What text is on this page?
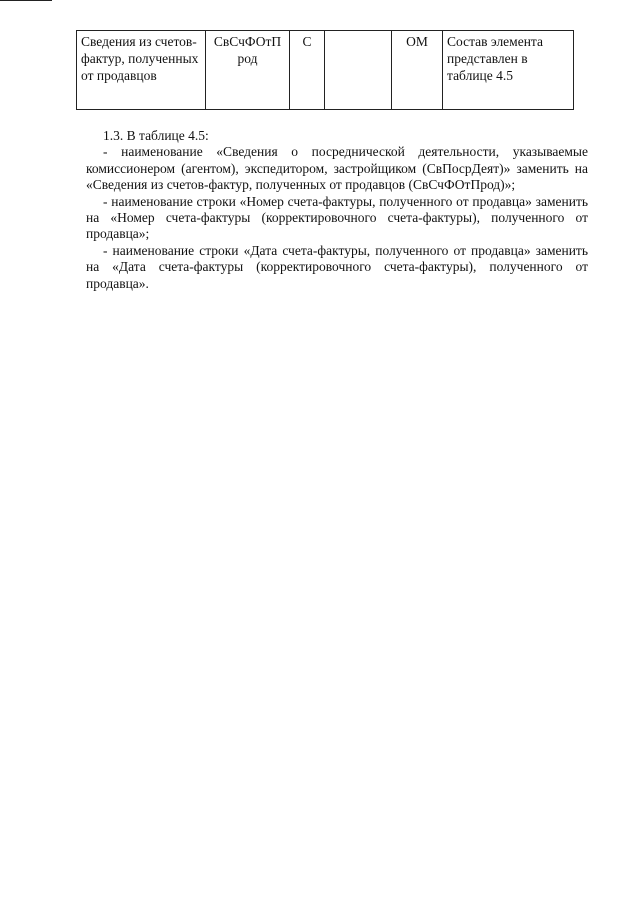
Сведения из счетов-фактур, полученных от продавцов	СвСчФОтП род	С		ОМ	Состав элемента представлен в таблице 4.5

1.3. В таблице 4.5:

- наименование «Сведения о посреднической деятельности, указываемые комиссионером (агентом), экспедитором, застройщиком (СвПосрДеят)» заменить на «Сведения из счетов-фактур, полученных от продавцов (СвСчФОтПрод)»;

- наименование строки «Номер счета-фактуры, полученного от продавца» заменить на «Номер счета-фактуры (корректировочного счета-фактуры), полученного от продавца»;

- наименование строки «Дата счета-фактуры, полученного от продавца» заменить на «Дата счета-фактуры (корректировочного счета-фактуры), полученного от продавца».
